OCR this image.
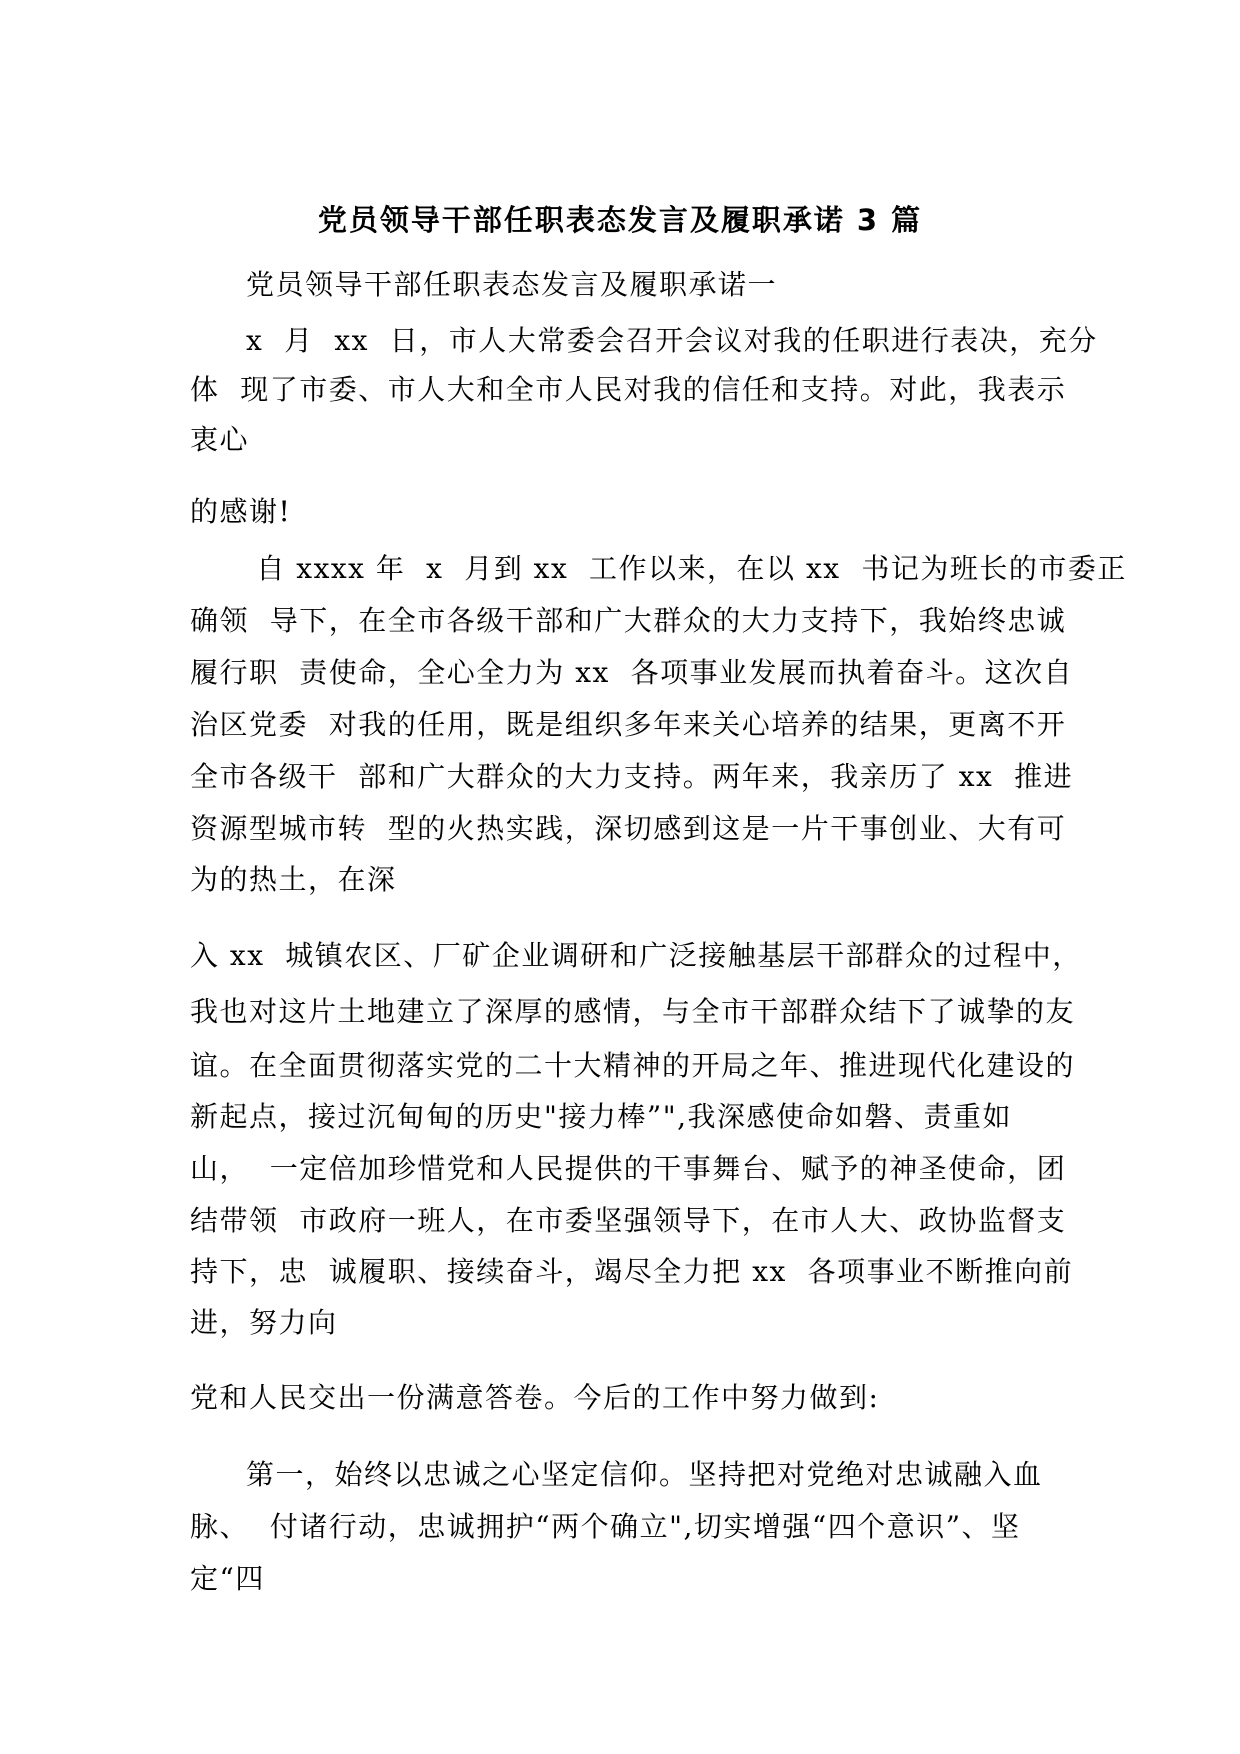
党员领导干部任职表态发言及履职承诺 3 篇
党员领导干部任职表态发言及履职承诺一
x  月  xx  日，市人大常委会召开会议对我的任职进行表决，充分
体  现了市委、市人大和全市人民对我的信任和支持。对此，我表示
衷心
的感谢!
自 xxxx 年  x  月到 xx  工作以来，在以 xx  书记为班长的市委正
确领  导下，在全市各级干部和广大群众的大力支持下，我始终忠诚
履行职  责使命，全心全力为 xx  各项事业发展而执着奋斗。这次自
治区党委  对我的任用，既是组织多年来关心培养的结果，更离不开
全市各级干  部和广大群众的大力支持。两年来，我亲历了 xx  推进
资源型城市转  型的火热实践，深切感到这是一片干事创业、大有可
为的热土，在深
入 xx  城镇农区、厂矿企业调研和广泛接触基层干部群众的过程中，
我也对这片土地建立了深厚的感情，与全市干部群众结下了诚挚的友
谊。在全面贯彻落实党的二十大精神的开局之年、推进现代化建设的
新起点，接过沉甸甸的历史"接力棒”",我深感使命如磐、责重如
山，  一定倍加珍惜党和人民提供的干事舞台、赋予的神圣使命，团
结带领  市政府一班人，在市委坚强领导下，在市人大、政协监督支
持下，忠  诚履职、接续奋斗，竭尽全力把 xx  各项事业不断推向前
进，努力向
党和人民交出一份满意答卷。今后的工作中努力做到:
第一，始终以忠诚之心坚定信仰。坚持把对党绝对忠诚融入血
脉、  付诸行动，忠诚拥护“两个确立",切实增强“四个意识”、坚
定“四
